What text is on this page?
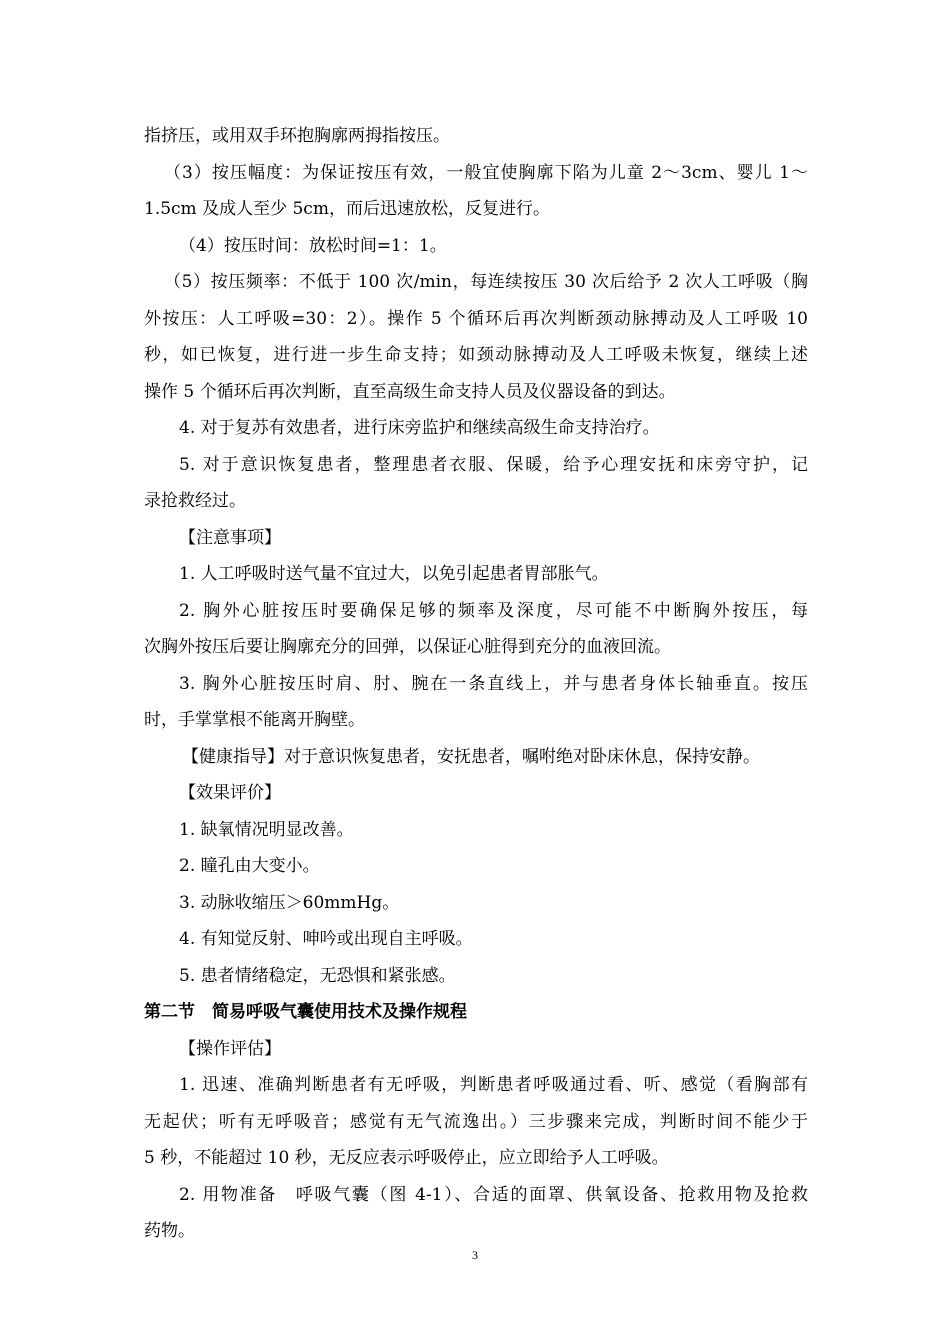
指挤压，或用双手环抱胸廓两拇指按压。
（3）按压幅度：为保证按压有效，一般宜使胸廓下陷为儿童 2～3cm、婴儿 1～
1.5cm 及成人至少 5cm，而后迅速放松，反复进行。
（4）按压时间：放松时间=1：1。
（5）按压频率：不低于 100 次/min，每连续按压 30 次后给予 2 次人工呼吸（胸
外按压：人工呼吸=30：2）。操作 5 个循环后再次判断颈动脉搏动及人工呼吸 10
秒，如已恢复，进行进一步生命支持；如颈动脉搏动及人工呼吸未恢复，继续上述
操作 5 个循环后再次判断，直至高级生命支持人员及仪器设备的到达。
4. 对于复苏有效患者，进行床旁监护和继续高级生命支持治疗。
5. 对于意识恢复患者，整理患者衣服、保暖，给予心理安抚和床旁守护，记
录抢救经过。
【注意事项】
1. 人工呼吸时送气量不宜过大，以免引起患者胃部胀气。
2. 胸外心脏按压时要确保足够的频率及深度，尽可能不中断胸外按压，每
次胸外按压后要让胸廓充分的回弹，以保证心脏得到充分的血液回流。
3. 胸外心脏按压时肩、肘、腕在一条直线上，并与患者身体长轴垂直。按压
时，手掌掌根不能离开胸壁。
【健康指导】对于意识恢复患者，安抚患者，嘱咐绝对卧床休息，保持安静。
【效果评价】
1. 缺氧情况明显改善。
2. 瞳孔由大变小。
3. 动脉收缩压＞60mmHg。
4. 有知觉反射、呻吟或出现自主呼吸。
5. 患者情绪稳定，无恐惧和紧张感。
第二节　简易呼吸气囊使用技术及操作规程
【操作评估】
1. 迅速、准确判断患者有无呼吸，判断患者呼吸通过看、听、感觉（看胸部有
无起伏；听有无呼吸音；感觉有无气流逸出。）三步骤来完成，判断时间不能少于
5 秒，不能超过 10 秒，无反应表示呼吸停止，应立即给予人工呼吸。
2. 用物准备　呼吸气囊（图 4-1）、合适的面罩、供氧设备、抢救用物及抢救
药物。
3
